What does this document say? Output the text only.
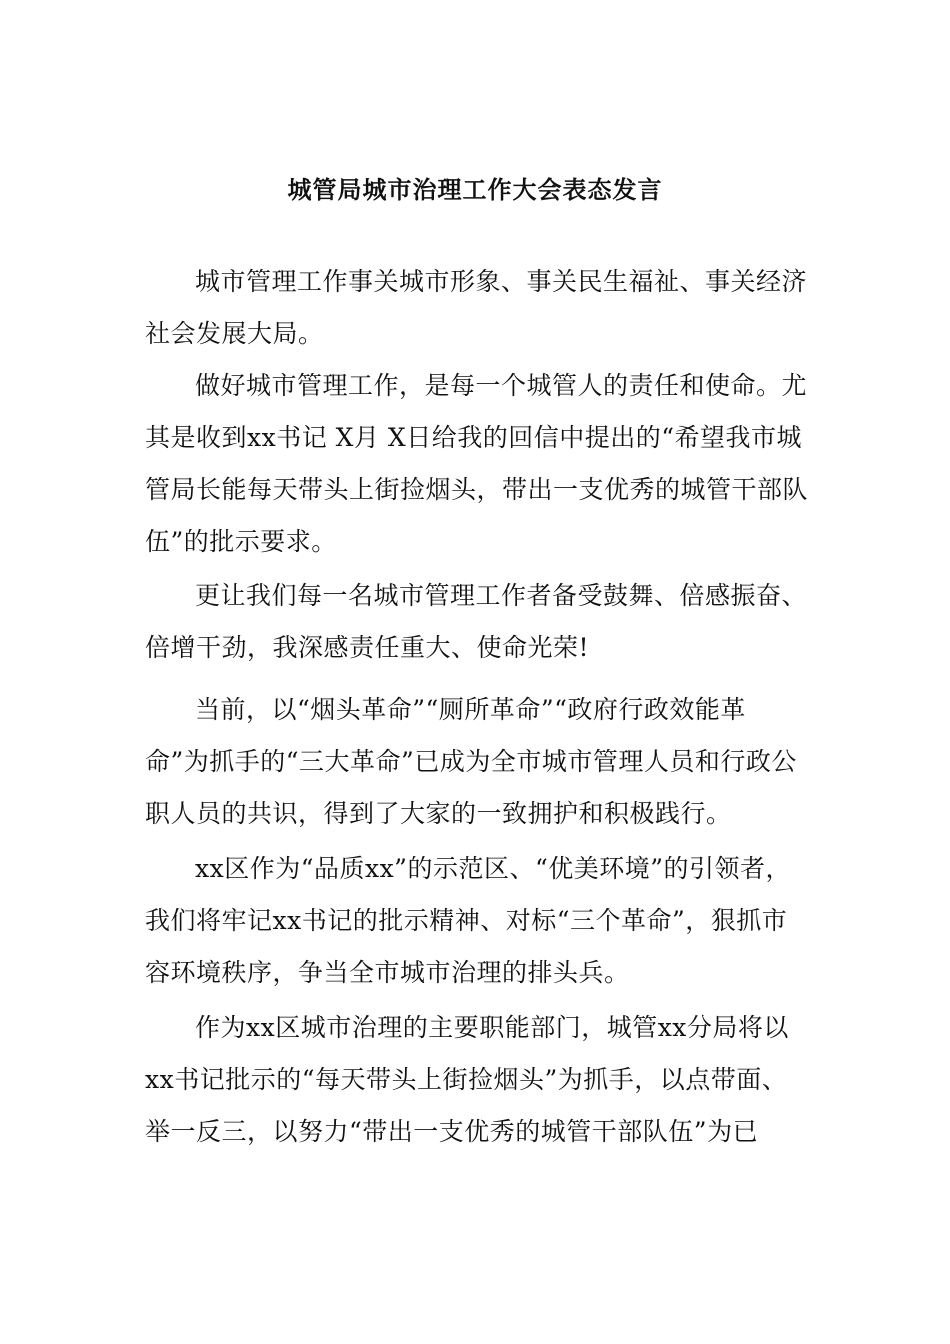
城管局城市治理工作大会表态发言
城市管理工作事关城市形象、事关民生福祉、事关经济社会发展大局。
做好城市管理工作，是每一个城管人的责任和使命。尤其是收到xx书记 X月 X日给我的回信中提出的“希望我市城管局长能每天带头上街捡烟头，带出一支优秀的城管干部队伍”的批示要求。
更让我们每一名城市管理工作者备受鼓舞、倍感振奋、倍增干劲，我深感责任重大、使命光荣!
当前，以“烟头革命”“厕所革命”“政府行政效能革命”为抓手的“三大革命”已成为全市城市管理人员和行政公职人员的共识，得到了大家的一致拥护和积极践行。
xx区作为“品质xx”的示范区、“优美环境”的引领者，我们将牢记xx书记的批示精神、对标“三个革命”，狠抓市容环境秩序，争当全市城市治理的排头兵。
作为xx区城市治理的主要职能部门，城管xx分局将以xx书记批示的“每天带头上街捡烟头”为抓手，以点带面、举一反三，以努力“带出一支优秀的城管干部队伍”为已
